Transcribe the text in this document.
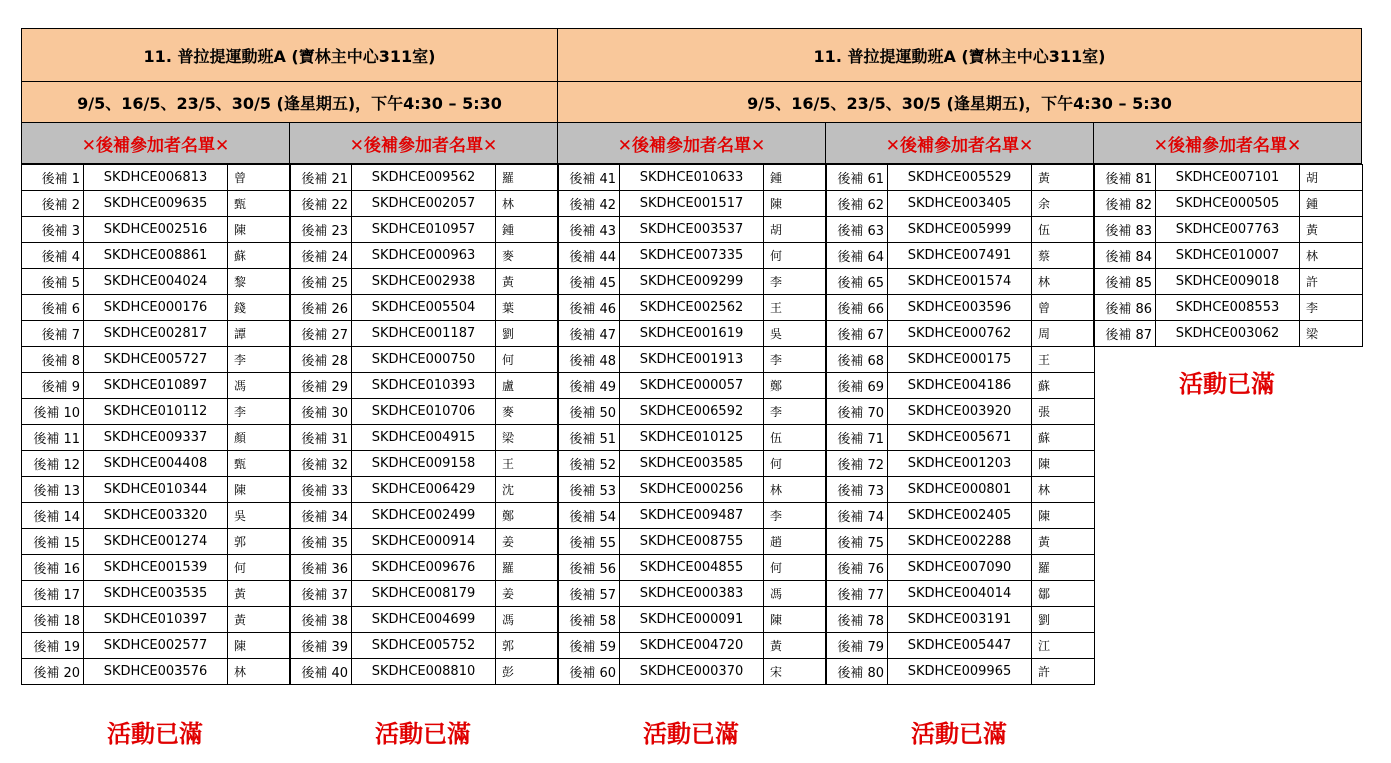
11. 普拉提運動班A (寶林主中心311室)	11. 普拉提運動班A (寶林主中心311室)
9/5、16/5、23/5、30/5 (逢星期五)，下午4:30 – 5:30	9/5、16/5、23/5、30/5 (逢星期五)，下午4:30 – 5:30
✕後補參加者名單✕	✕後補參加者名單✕	✕後補參加者名單✕	✕後補參加者名單✕	✕後補參加者名單✕
後補 1	SKDHCE006813	曾
後補 2	SKDHCE009635	甄
後補 3	SKDHCE002516	陳
後補 4	SKDHCE008861	蘇
後補 5	SKDHCE004024	黎
後補 6	SKDHCE000176	錢
後補 7	SKDHCE002817	譚
後補 8	SKDHCE005727	李
後補 9	SKDHCE010897	馮
後補 10	SKDHCE010112	李
後補 11	SKDHCE009337	顏
後補 12	SKDHCE004408	甄
後補 13	SKDHCE010344	陳
後補 14	SKDHCE003320	吳
後補 15	SKDHCE001274	郭
後補 16	SKDHCE001539	何
後補 17	SKDHCE003535	黃
後補 18	SKDHCE010397	黃
後補 19	SKDHCE002577	陳
後補 20	SKDHCE003576	林
後補 21	SKDHCE009562	羅
後補 22	SKDHCE002057	林
後補 23	SKDHCE010957	鍾
後補 24	SKDHCE000963	麥
後補 25	SKDHCE002938	黃
後補 26	SKDHCE005504	葉
後補 27	SKDHCE001187	劉
後補 28	SKDHCE000750	何
後補 29	SKDHCE010393	盧
後補 30	SKDHCE010706	麥
後補 31	SKDHCE004915	梁
後補 32	SKDHCE009158	王
後補 33	SKDHCE006429	沈
後補 34	SKDHCE002499	鄭
後補 35	SKDHCE000914	姜
後補 36	SKDHCE009676	羅
後補 37	SKDHCE008179	姜
後補 38	SKDHCE004699	馮
後補 39	SKDHCE005752	郭
後補 40	SKDHCE008810	彭
後補 41	SKDHCE010633	鍾
後補 42	SKDHCE001517	陳
後補 43	SKDHCE003537	胡
後補 44	SKDHCE007335	何
後補 45	SKDHCE009299	李
後補 46	SKDHCE002562	王
後補 47	SKDHCE001619	吳
後補 48	SKDHCE001913	李
後補 49	SKDHCE000057	鄭
後補 50	SKDHCE006592	李
後補 51	SKDHCE010125	伍
後補 52	SKDHCE003585	何
後補 53	SKDHCE000256	林
後補 54	SKDHCE009487	李
後補 55	SKDHCE008755	趙
後補 56	SKDHCE004855	何
後補 57	SKDHCE000383	馮
後補 58	SKDHCE000091	陳
後補 59	SKDHCE004720	黃
後補 60	SKDHCE000370	宋
後補 61	SKDHCE005529	黃
後補 62	SKDHCE003405	余
後補 63	SKDHCE005999	伍
後補 64	SKDHCE007491	蔡
後補 65	SKDHCE001574	林
後補 66	SKDHCE003596	曾
後補 67	SKDHCE000762	周
後補 68	SKDHCE000175	王
後補 69	SKDHCE004186	蘇
後補 70	SKDHCE003920	張
後補 71	SKDHCE005671	蘇
後補 72	SKDHCE001203	陳
後補 73	SKDHCE000801	林
後補 74	SKDHCE002405	陳
後補 75	SKDHCE002288	黃
後補 76	SKDHCE007090	羅
後補 77	SKDHCE004014	鄒
後補 78	SKDHCE003191	劉
後補 79	SKDHCE005447	江
後補 80	SKDHCE009965	許
後補 81	SKDHCE007101	胡
後補 82	SKDHCE000505	鍾
後補 83	SKDHCE007763	黃
後補 84	SKDHCE010007	林
後補 85	SKDHCE009018	許
後補 86	SKDHCE008553	李
後補 87	SKDHCE003062	梁
活動已滿	活動已滿	活動已滿	活動已滿
活動已滿
